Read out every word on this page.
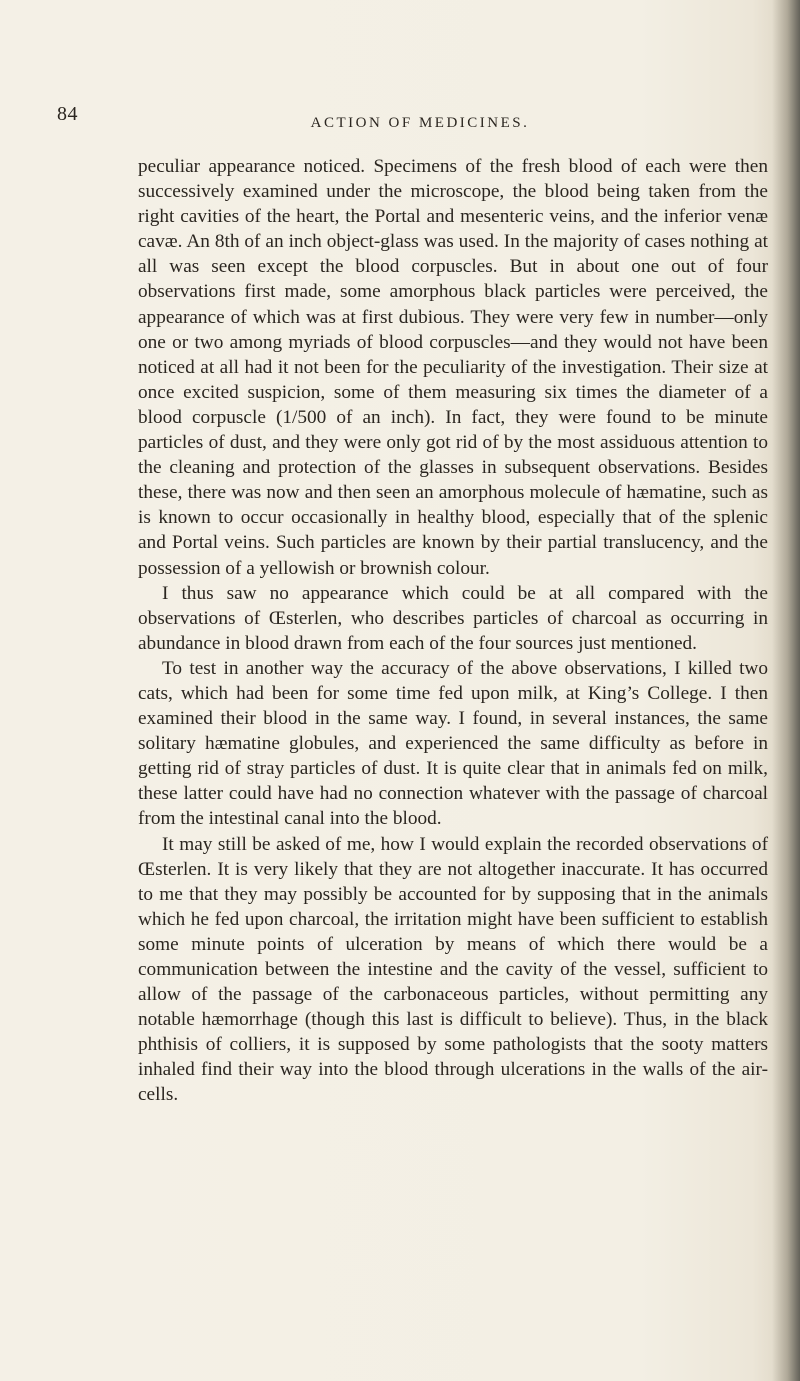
84	ACTION OF MEDICINES.

peculiar appearance noticed. Specimens of the fresh blood of each were then successively examined under the microscope, the blood being taken from the right cavities of the heart, the Portal and mesenteric veins, and the inferior venæ cavæ. An 8th of an inch object-glass was used. In the majority of cases nothing at all was seen except the blood corpuscles. But in about one out of four observations first made, some amorphous black particles were perceived, the appearance of which was at first dubious. They were very few in number—only one or two among myriads of blood corpuscles—and they would not have been noticed at all had it not been for the peculiarity of the investigation. Their size at once excited suspicion, some of them measuring six times the diameter of a blood corpuscle (1/500 of an inch). In fact, they were found to be minute particles of dust, and they were only got rid of by the most assiduous attention to the cleaning and protection of the glasses in subsequent observations. Besides these, there was now and then seen an amorphous molecule of hæmatine, such as is known to occur occasionally in healthy blood, especially that of the splenic and Portal veins. Such particles are known by their partial translucency, and the possession of a yellowish or brownish colour.

I thus saw no appearance which could be at all compared with the observations of Œsterlen, who describes particles of charcoal as occurring in abundance in blood drawn from each of the four sources just mentioned.

To test in another way the accuracy of the above observations, I killed two cats, which had been for some time fed upon milk, at King’s College. I then examined their blood in the same way. I found, in several instances, the same solitary hæmatine globules, and experienced the same difficulty as before in getting rid of stray particles of dust. It is quite clear that in animals fed on milk, these latter could have had no connection whatever with the passage of charcoal from the intestinal canal into the blood.

It may still be asked of me, how I would explain the recorded observations of Œsterlen. It is very likely that they are not altogether inaccurate. It has occurred to me that they may possibly be accounted for by supposing that in the animals which he fed upon charcoal, the irritation might have been sufficient to establish some minute points of ulceration by means of which there would be a communication between the intestine and the cavity of the vessel, sufficient to allow of the passage of the carbonaceous particles, without permitting any notable hæmorrhage (though this last is difficult to believe). Thus, in the black phthisis of colliers, it is supposed by some pathologists that the sooty matters inhaled find their way into the blood through ulcerations in the walls of the air-cells.
